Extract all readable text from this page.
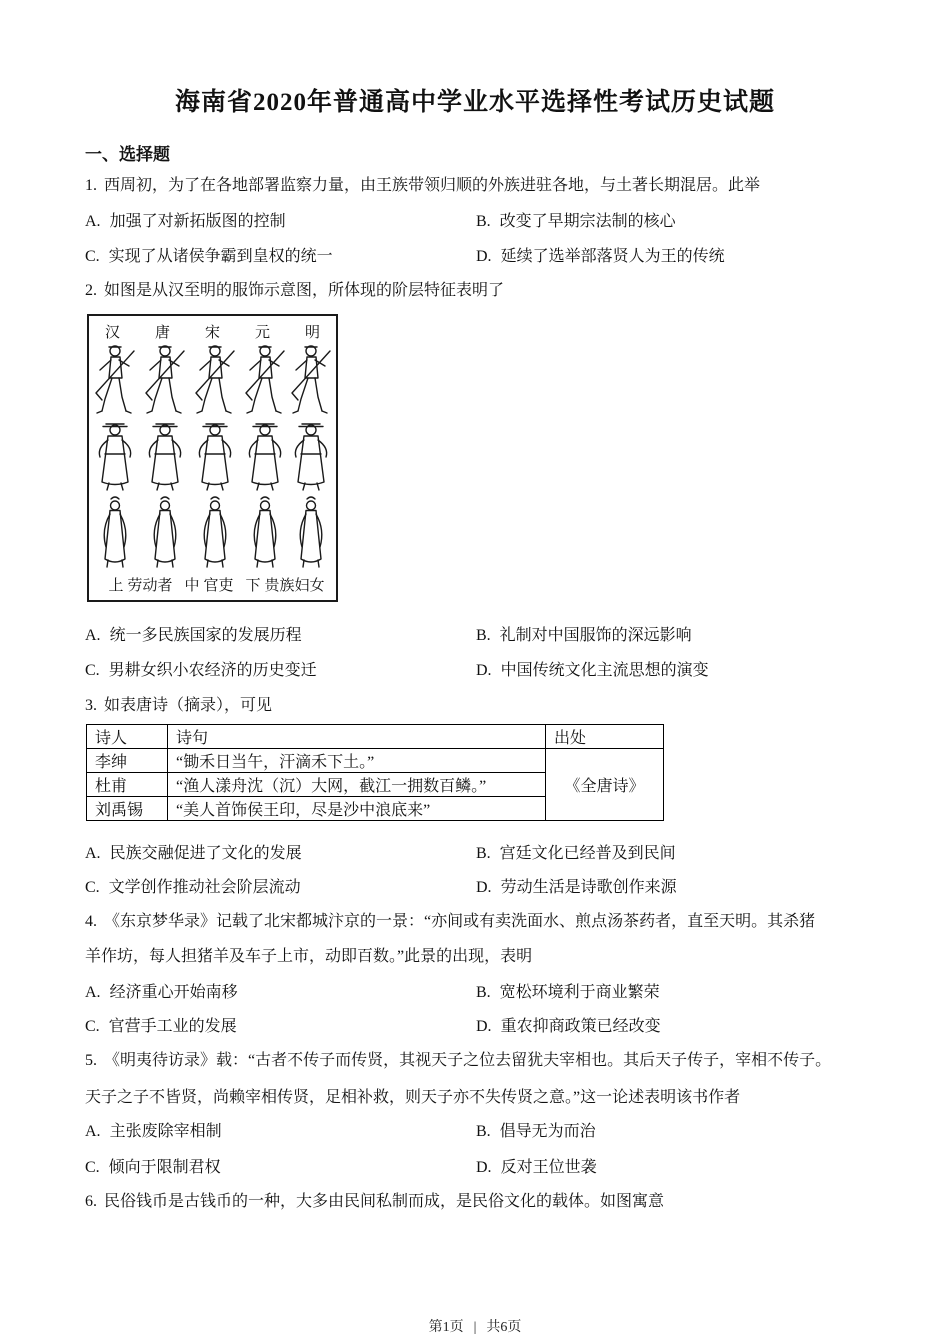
海南省2020年普通高中学业水平选择性考试历史试题
一、选择题
1. 西周初，为了在各地部署监察力量，由王族带领归顺的外族进驻各地，与土著长期混居。此举
A. 加强了对新拓版图的控制	B. 改变了早期宗法制的核心
C. 实现了从诸侯争霸到皇权的统一	D. 延续了选举部落贤人为王的传统
2. 如图是从汉至明的服饰示意图，所体现的阶层特征表明了
汉 唐 宋 元 明
上 劳动者 中 官吏 下 贵族妇女
A. 统一多民族国家的发展历程	B. 礼制对中国服饰的深远影响
C. 男耕女织小农经济的历史变迁	D. 中国传统文化主流思想的演变
3. 如表唐诗（摘录），可见
诗人	诗句	出处
李绅	“锄禾日当午，汗滴禾下土。”	《全唐诗》
杜甫	“渔人漾舟沈（沉）大网，截江一拥数百鳞。”	
刘禹锡	“美人首饰侯王印，尽是沙中浪底来”	
A. 民族交融促进了文化的发展	B. 宫廷文化已经普及到民间
C. 文学创作推动社会阶层流动	D. 劳动生活是诗歌创作来源
4. 《东京梦华录》记载了北宋都城汴京的一景：“亦间或有卖洗面水、煎点汤茶药者，直至天明。其杀猪
羊作坊，每人担猪羊及车子上市，动即百数。”此景的出现，表明
A. 经济重心开始南移	B. 宽松环境利于商业繁荣
C. 官营手工业的发展	D. 重农抑商政策已经改变
5. 《明夷待访录》载：“古者不传子而传贤，其视天子之位去留犹夫宰相也。其后天子传子，宰相不传子。
天子之子不皆贤，尚赖宰相传贤，足相补救，则天子亦不失传贤之意。”这一论述表明该书作者
A. 主张废除宰相制	B. 倡导无为而治
C. 倾向于限制君权	D. 反对王位世袭
6. 民俗钱币是古钱币的一种，大多由民间私制而成，是民俗文化的载体。如图寓意
第1页 | 共6页
